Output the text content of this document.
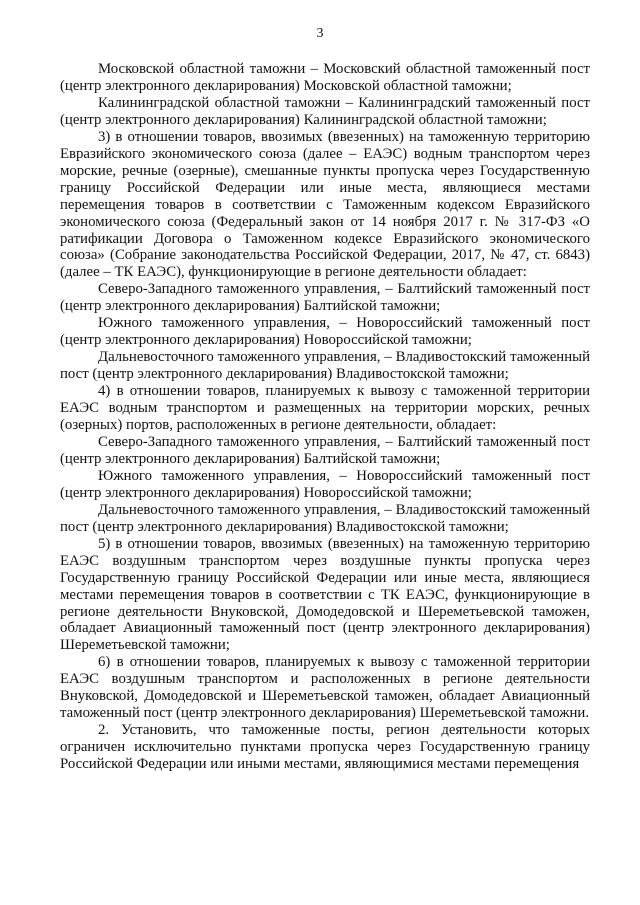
3

Московской областной таможни – Московский областной таможенный пост (центр электронного декларирования) Московской областной таможни;

Калининградской областной таможни – Калининградский таможенный пост (центр электронного декларирования) Калининградской областной таможни;

3) в отношении товаров, ввозимых (ввезенных) на таможенную территорию Евразийского экономического союза (далее – ЕАЭС) водным транспортом через морские, речные (озерные), смешанные пункты пропуска через Государственную границу Российской Федерации или иные места, являющиеся местами перемещения товаров в соответствии с Таможенным кодексом Евразийского экономического союза (Федеральный закон от 14 ноября 2017 г. № 317-ФЗ «О ратификации Договора о Таможенном кодексе Евразийского экономического союза» (Собрание законодательства Российской Федерации, 2017, № 47, ст. 6843) (далее – ТК ЕАЭС), функционирующие в регионе деятельности обладает:

Северо-Западного таможенного управления, – Балтийский таможенный пост (центр электронного декларирования) Балтийской таможни;

Южного таможенного управления, – Новороссийский таможенный пост (центр электронного декларирования) Новороссийской таможни;

Дальневосточного таможенного управления, – Владивостокский таможенный пост (центр электронного декларирования) Владивостокской таможни;

4) в отношении товаров, планируемых к вывозу с таможенной территории ЕАЭС водным транспортом и размещенных на территории морских, речных (озерных) портов, расположенных в регионе деятельности, обладает:

Северо-Западного таможенного управления, – Балтийский таможенный пост (центр электронного декларирования) Балтийской таможни;

Южного таможенного управления, – Новороссийский таможенный пост (центр электронного декларирования) Новороссийской таможни;

Дальневосточного таможенного управления, – Владивостокский таможенный пост (центр электронного декларирования) Владивостокской таможни;

5) в отношении товаров, ввозимых (ввезенных) на таможенную территорию ЕАЭС воздушным транспортом через воздушные пункты пропуска через Государственную границу Российской Федерации или иные места, являющиеся местами перемещения товаров в соответствии с ТК ЕАЭС, функционирующие в регионе деятельности Внуковской, Домодедовской и Шереметьевской таможен, обладает Авиационный таможенный пост (центр электронного декларирования) Шереметьевской таможни;

6) в отношении товаров, планируемых к вывозу с таможенной территории ЕАЭС воздушным транспортом и расположенных в регионе деятельности Внуковской, Домодедовской и Шереметьевской таможен, обладает Авиационный таможенный пост (центр электронного декларирования) Шереметьевской таможни.

2. Установить, что таможенные посты, регион деятельности которых ограничен исключительно пунктами пропуска через Государственную границу Российской Федерации или иными местами, являющимися местами перемещения
